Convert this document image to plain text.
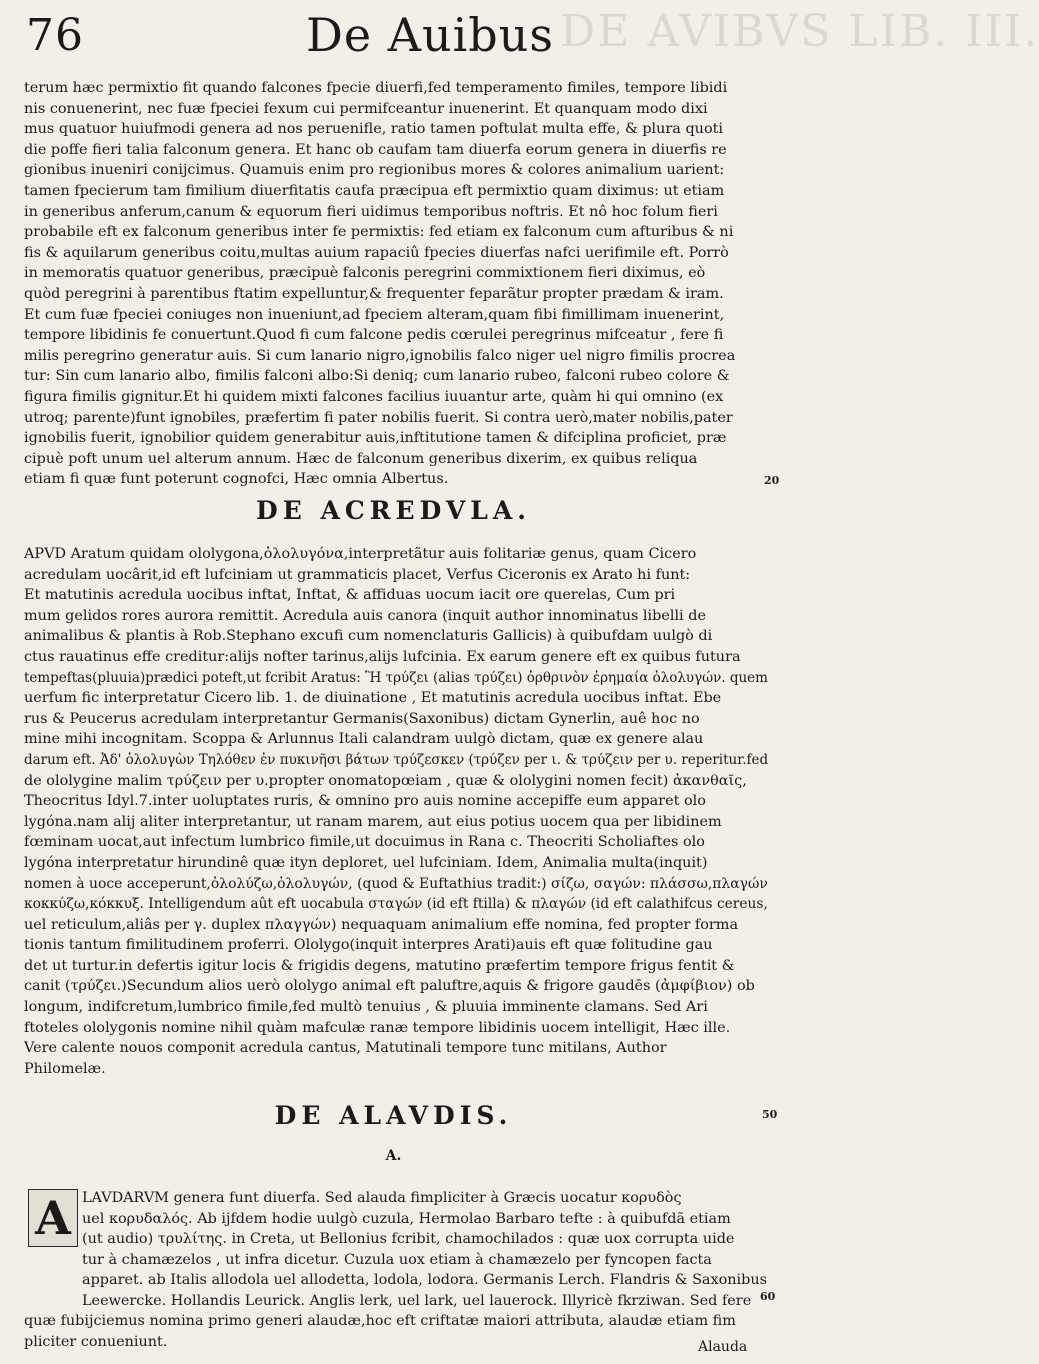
DE AVIBVS LIB. III.
76	De Auibus
terum hæc permixtio fit quando falcones fpecie diuerfi,fed temperamento fimiles, tempore libidi
nis conuenerint, nec fuæ fpeciei fexum cui permifceantur inuenerint. Et quanquam modo dixi
mus quatuor huiufmodi genera ad nos peruenifle, ratio tamen poftulat multa effe, & plura quoti
die poffe fieri talia falconum genera. Et hanc ob caufam tam diuerfa eorum genera in diuerfis re
gionibus inueniri conijcimus. Quamuis enim pro regionibus mores & colores animalium uarient:
tamen fpecierum tam fimilium diuerfitatis caufa præcipua eft permixtio quam diximus: ut etiam
in generibus anferum,canum & equorum fieri uidimus temporibus noftris. Et nô hoc folum fieri
probabile eft ex falconum generibus inter fe permixtis: fed etiam ex falconum cum afturibus & ni
fis & aquilarum generibus coitu,multas auium rapaciû fpecies diuerfas nafci uerifimile eft. Porrò
in memoratis quatuor generibus, præcipuè falconis peregrini commixtionem fieri diximus, eò
quòd peregrini à parentibus ftatim expelluntur,& frequenter feparãtur propter prædam & iram.
Et cum fuæ fpeciei coniuges non inueniunt,ad fpeciem alteram,quam fibi fimillimam inuenerint,
tempore libidinis fe conuertunt.Quod fi cum falcone pedis cœrulei peregrinus mifceatur , fere fi
milis peregrino generatur auis. Si cum lanario nigro,ignobilis falco niger uel nigro fimilis procrea
tur: Sin cum lanario albo, fimilis falconi albo:Si deniq; cum lanario rubeo, falconi rubeo colore &
figura fimilis gignitur.Et hi quidem mixti falcones facilius iuuantur arte, quàm hi qui omnino (ex
utroq; parente)funt ignobiles, præfertim fi pater nobilis fuerit. Si contra uerò,mater nobilis,pater
ignobilis fuerit, ignobilior quidem generabitur auis,inftitutione tamen & difciplina proficiet, præ
cipuè poft unum uel alterum annum. Hæc de falconum generibus dixerim, ex quibus reliqua
etiam fi quæ funt poterunt cognofci, Hæc omnia Albertus.	20
DE ACREDVLA.
APVD Aratum quidam ololygona,ὀλολυγόνα,interpretãtur auis folitariæ genus, quam Cicero
acredulam uocârit,id eft lufciniam ut grammaticis placet, Verfus Ciceronis ex Arato hi funt:
Et matutinis acredula uocibus inftat, Inftat, & affiduas uocum iacit ore querelas, Cum pri
mum gelidos rores aurora remittit. Acredula auis canora (inquit author innominatus libelli de
animalibus & plantis à Rob.Stephano excufi cum nomenclaturis Gallicis) à quibufdam uulgò di
ctus rauatinus effe creditur:alijs nofter tarinus,alijs lufcinia. Ex earum genere eft ex quibus futura
tempeftas(pluuia)prædici poteft,ut fcribit Aratus: Ἢ τρύζει (alias τρύζει) ὀρθρινὸν ἐρημαία ὀλολυγών. quem
uerfum fic interpretatur Cicero lib. 1. de diuinatione , Et matutinis acredula uocibus inftat. Ebe
rus & Peucerus acredulam interpretantur Germanis(Saxonibus) dictam Gynerlin, auê hoc no
mine mihi incognitam. Scoppa & Arlunnus Itali calandram uulgò dictam, quæ ex genere alau
darum eft. Ἀδ' ὀλολυγὼν Τηλόθεν ἐν πυκινῆσι βάτων τρύζεσκεν (τρύζεν per ι. & τρύζειν per υ. reperitur.fed
de ololygine malim τρύζειν per υ.propter onomatopœiam , quæ & ololygini nomen fecit) ἀκανθαῖς,
Theocritus Idyl.7.inter uoluptates ruris, & omnino pro auis nomine accepiffe eum apparet olo
lygóna.nam alij aliter interpretantur, ut ranam marem, aut eius potius uocem qua per libidinem
fœminam uocat,aut infectum lumbrico fimile,ut docuimus in Rana c. Theocriti Scholiaftes olo
lygóna interpretatur hirundinê quæ ityn deploret, uel lufciniam. Idem, Animalia multa(inquit)
nomen à uoce acceperunt,ὀλολύζω,ὀλολυγών, (quod & Euftathius tradit:) σίζω, σαγών: πλάσσω,πλαγών
κοκκύζω,κόκκυξ. Intelligendum aût eft uocabula σταγών (id eft ftilla) & πλαγών (id eft calathifcus cereus,
uel reticulum,aliâs per γ. duplex πλαγγών) nequaquam animalium effe nomina, fed propter forma
tionis tantum fimilitudinem proferri. Ololygo(inquit interpres Arati)auis eft quæ folitudine gau
det ut turtur.in defertis igitur locis & frigidis degens, matutino præfertim tempore frigus fentit &
canit (τρύζει.)Secundum alios uerò ololygo animal eft paluftre,aquis & frigore gaudēs (ἀμφίβιον) ob
longum, indifcretum,lumbrico fimile,fed multò tenuius , & pluuia imminente clamans. Sed Ari
ftoteles ololygonis nomine nihil quàm mafculæ ranæ tempore libidinis uocem intelligit, Hæc ille.
Vere calente nouos componit acredula cantus, Matutinali tempore tunc mitilans, Author
Philomelæ.
50
DE ALAVDIS.
A.
A LAVDARVM genera funt diuerfa. Sed alauda fimpliciter à Græcis uocatur κορυδὸς
uel κορυδαλός. Ab ijfdem hodie uulgò cuzula, Hermolao Barbaro tefte : à quibufdã etiam
(ut audio) τρυλίτης. in Creta, ut Bellonius fcribit, chamochilados : quæ uox corrupta uide
tur à chamæzelos , ut infra dicetur. Cuzula uox etiam à chamæzelo per fyncopen facta
apparet. ab Italis allodola uel allodetta, lodola, lodora. Germanis Lerch. Flandris & Saxonibus
Leewercke. Hollandis Leurick. Anglis lerk, uel lark, uel lauerock. Illyricè fkrziwan. Sed fere 60
quæ fubijciemus nomina primo generi alaudæ,hoc eft criftatæ maiori attributa, alaudæ etiam fim
pliciter conueniunt.	Alauda
